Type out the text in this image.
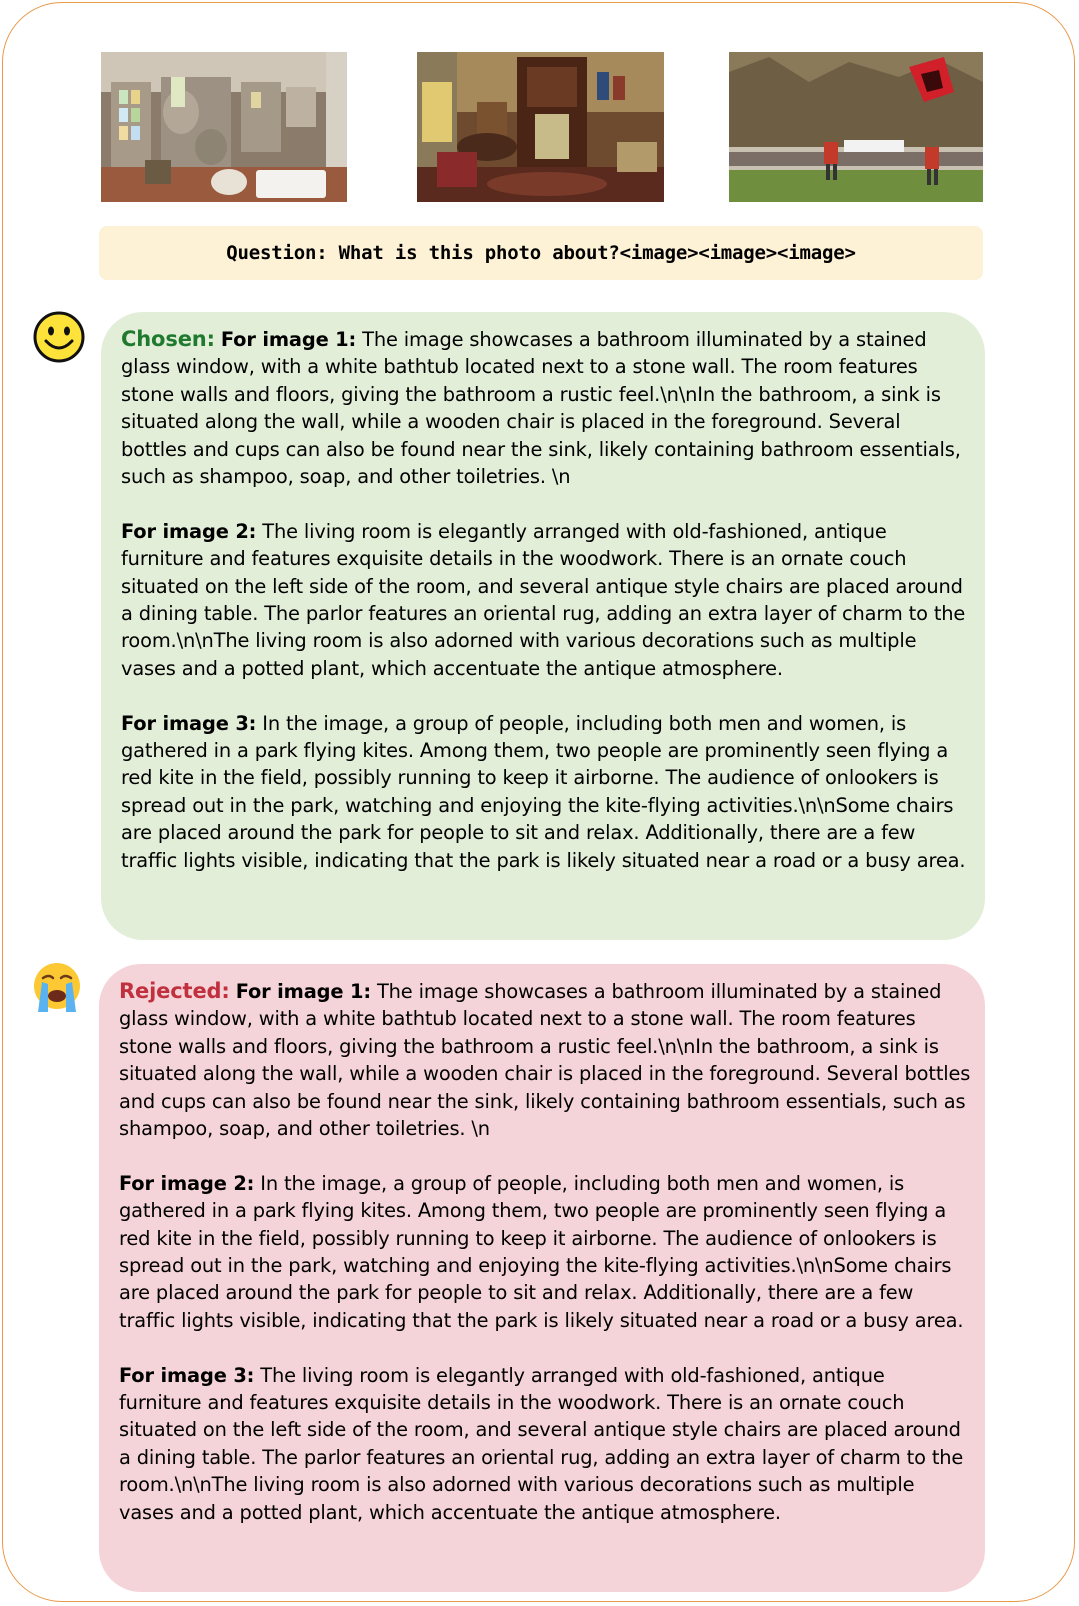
Question: What is this photo about?<image><image><image>

Chosen: For image 1: The image showcases a bathroom illuminated by a stained glass window, with a white bathtub located next to a stone wall. The room features stone walls and floors, giving the bathroom a rustic feel.\n\nIn the bathroom, a sink is situated along the wall, while a wooden chair is placed in the foreground. Several bottles and cups can also be found near the sink, likely containing bathroom essentials, such as shampoo, soap, and other toiletries. \n

For image 2: The living room is elegantly arranged with old-fashioned, antique furniture and features exquisite details in the woodwork. There is an ornate couch situated on the left side of the room, and several antique style chairs are placed around a dining table. The parlor features an oriental rug, adding an extra layer of charm to the room.\n\nThe living room is also adorned with various decorations such as multiple vases and a potted plant, which accentuate the antique atmosphere.

For image 3: In the image, a group of people, including both men and women, is gathered in a park flying kites. Among them, two people are prominently seen flying a red kite in the field, possibly running to keep it airborne. The audience of onlookers is spread out in the park, watching and enjoying the kite-flying activities.\n\nSome chairs are placed around the park for people to sit and relax. Additionally, there are a few traffic lights visible, indicating that the park is likely situated near a road or a busy area.

Rejected: For image 1: The image showcases a bathroom illuminated by a stained glass window, with a white bathtub located next to a stone wall. The room features stone walls and floors, giving the bathroom a rustic feel.\n\nIn the bathroom, a sink is situated along the wall, while a wooden chair is placed in the foreground. Several bottles and cups can also be found near the sink, likely containing bathroom essentials, such as shampoo, soap, and other toiletries. \n

For image 2: In the image, a group of people, including both men and women, is gathered in a park flying kites. Among them, two people are prominently seen flying a red kite in the field, possibly running to keep it airborne. The audience of onlookers is spread out in the park, watching and enjoying the kite-flying activities.\n\nSome chairs are placed around the park for people to sit and relax. Additionally, there are a few traffic lights visible, indicating that the park is likely situated near a road or a busy area.

For image 3: The living room is elegantly arranged with old-fashioned, antique furniture and features exquisite details in the woodwork. There is an ornate couch situated on the left side of the room, and several antique style chairs are placed around a dining table. The parlor features an oriental rug, adding an extra layer of charm to the room.\n\nThe living room is also adorned with various decorations such as multiple vases and a potted plant, which accentuate the antique atmosphere.
